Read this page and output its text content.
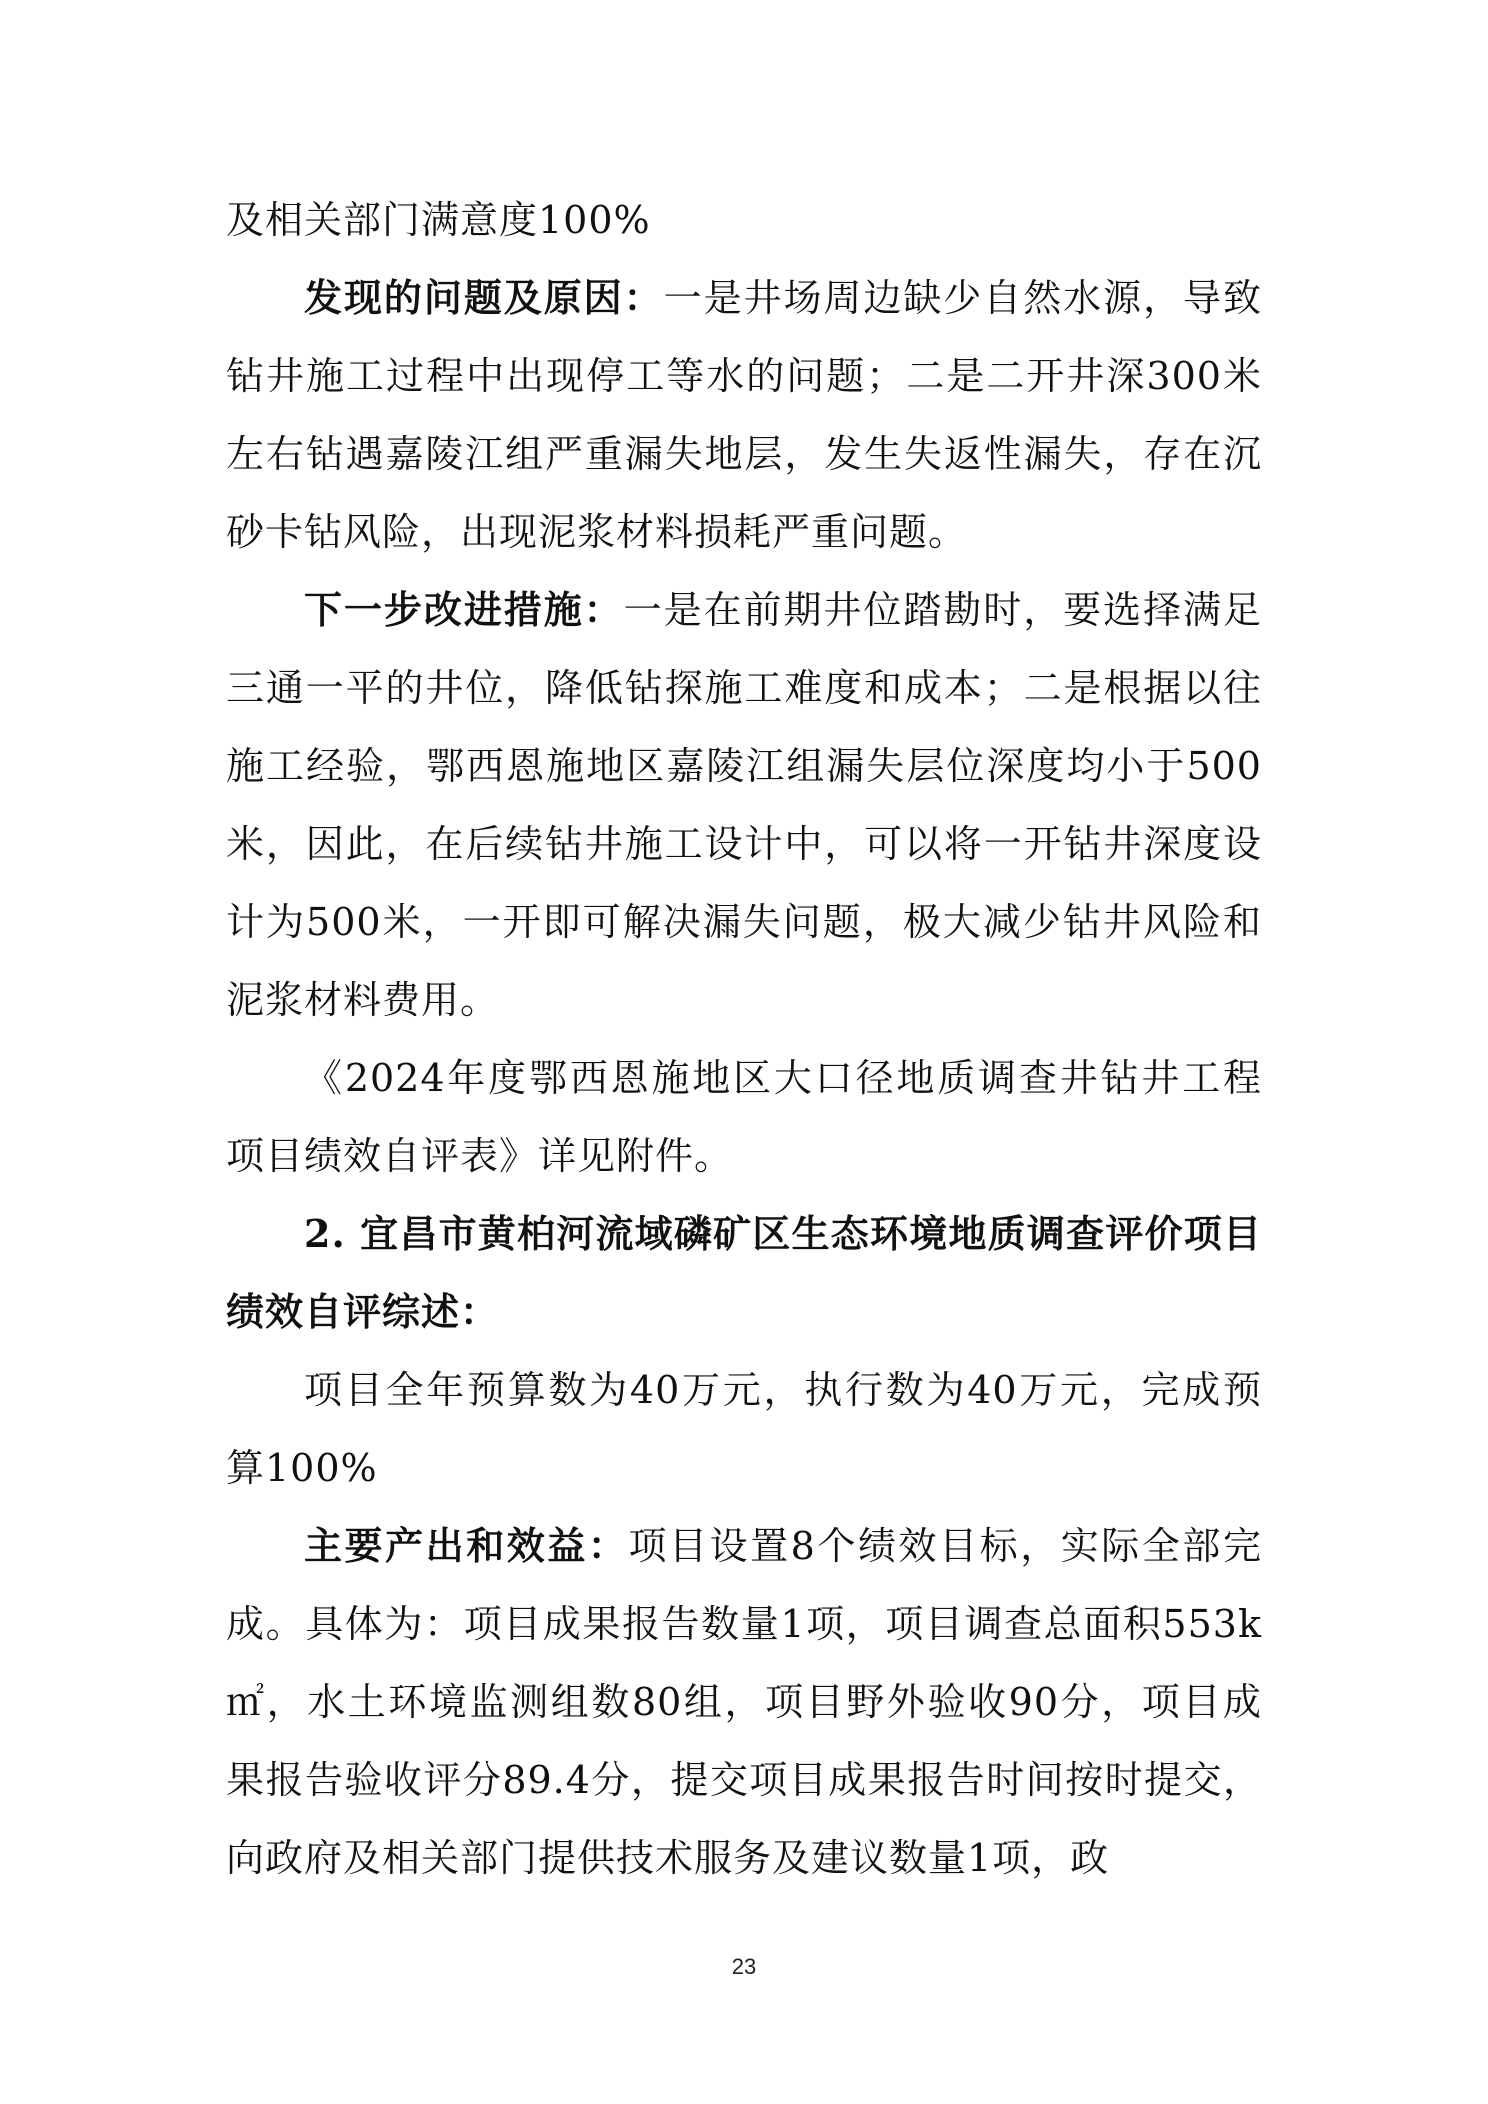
及相关部门满意度100%

发现的问题及原因：一是井场周边缺少自然水源，导致钻井施工过程中出现停工等水的问题；二是二开井深300米左右钻遇嘉陵江组严重漏失地层，发生失返性漏失，存在沉砂卡钻风险，出现泥浆材料损耗严重问题。

下一步改进措施：一是在前期井位踏勘时，要选择满足三通一平的井位，降低钻探施工难度和成本；二是根据以往施工经验，鄂西恩施地区嘉陵江组漏失层位深度均小于500米，因此，在后续钻井施工设计中，可以将一开钻井深度设计为500米，一开即可解决漏失问题，极大减少钻井风险和泥浆材料费用。

《2024年度鄂西恩施地区大口径地质调查井钻井工程项目绩效自评表》详见附件。

2. 宜昌市黄柏河流域磷矿区生态环境地质调查评价项目绩效自评综述：

项目全年预算数为40万元，执行数为40万元，完成预算100%

主要产出和效益：项目设置8个绩效目标，实际全部完成。具体为：项目成果报告数量1项，项目调查总面积553k㎡，水土环境监测组数80组，项目野外验收90分，项目成果报告验收评分89.4分，提交项目成果报告时间按时提交，向政府及相关部门提供技术服务及建议数量1项，政

23
